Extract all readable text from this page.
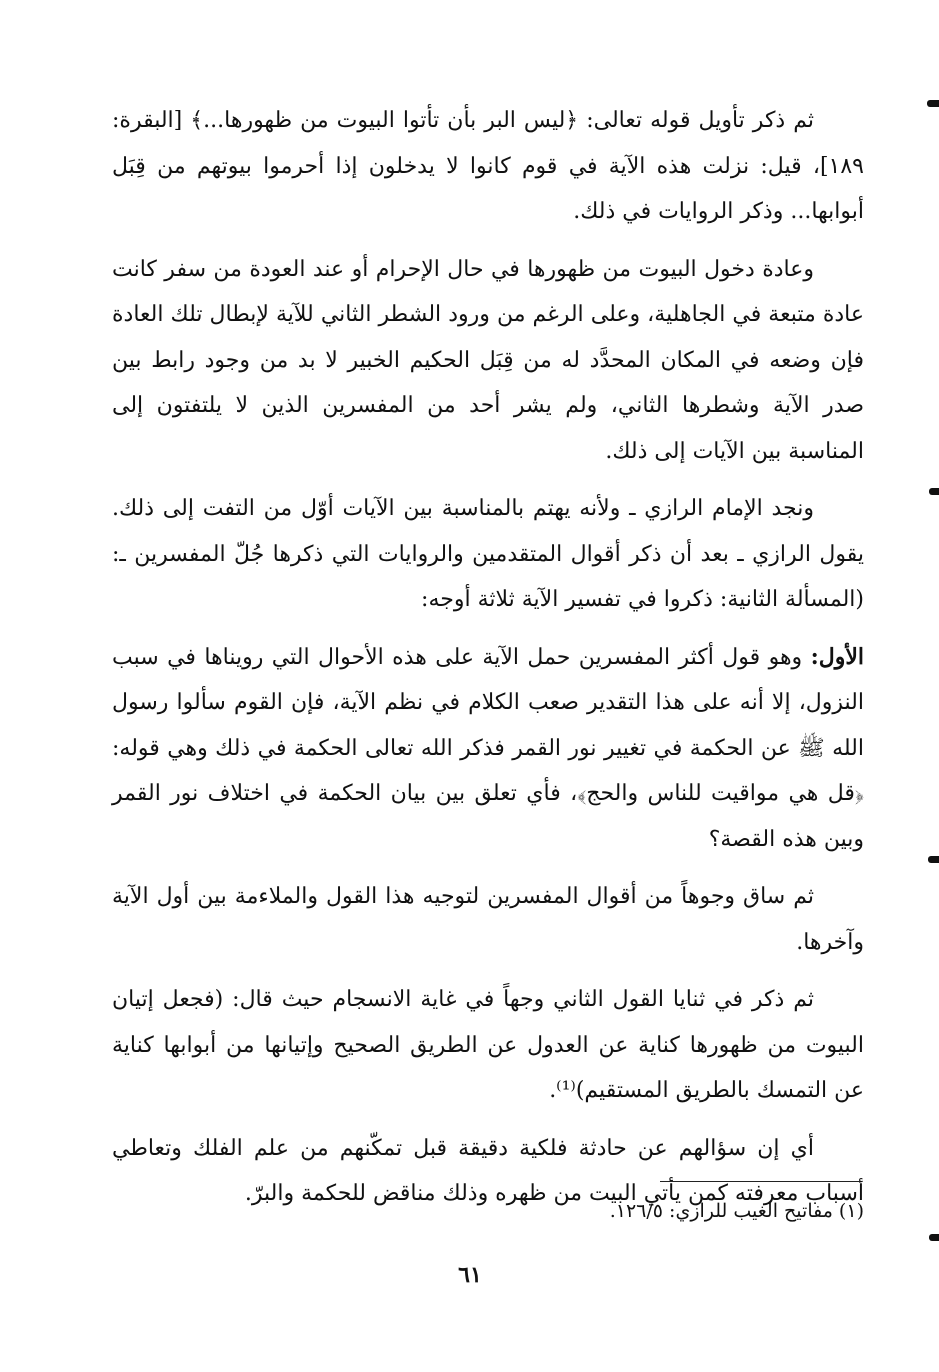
ثم ذكر تأويل قوله تعالى: ﴿ليس البر بأن تأتوا البيوت من ظهورها...﴾ [البقرة: ١٨٩]، قيل: نزلت هذه الآية في قوم كانوا لا يدخلون إذا أحرموا بيوتهم من قِبَل أبوابها... وذكر الروايات في ذلك.

وعادة دخول البيوت من ظهورها في حال الإحرام أو عند العودة من سفر كانت عادة متبعة في الجاهلية، وعلى الرغم من ورود الشطر الثاني للآية لإبطال تلك العادة فإن وضعه في المكان المحدَّد له من قِبَل الحكيم الخبير لا بد من وجود رابط بين صدر الآية وشطرها الثاني، ولم يشر أحد من المفسرين الذين لا يلتفتون إلى المناسبة بين الآيات إلى ذلك.

ونجد الإمام الرازي ـ ولأنه يهتم بالمناسبة بين الآيات أوّل من التفت إلى ذلك. يقول الرازي ـ بعد أن ذكر أقوال المتقدمين والروايات التي ذكرها جُلّ المفسرين ـ: (المسألة الثانية: ذكروا في تفسير الآية ثلاثة أوجه:

الأول: وهو قول أكثر المفسرين حمل الآية على هذه الأحوال التي رويناها في سبب النزول، إلا أنه على هذا التقدير صعب الكلام في نظم الآية، فإن القوم سألوا رسول الله ﷺ عن الحكمة في تغيير نور القمر فذكر الله تعالى الحكمة في ذلك وهي قوله: ﴿قل هي مواقيت للناس والحج﴾، فأي تعلق بين بيان الحكمة في اختلاف نور القمر وبين هذه القصة؟

ثم ساق وجوهاً من أقوال المفسرين لتوجيه هذا القول والملاءمة بين أول الآية وآخرها.

ثم ذكر في ثنايا القول الثاني وجهاً في غاية الانسجام حيث قال: (فجعل إتيان البيوت من ظهورها كناية عن العدول عن الطريق الصحيح وإتيانها من أبوابها كناية عن التمسك بالطريق المستقيم)⁽¹⁾.

أي إن سؤالهم عن حادثة فلكية دقيقة قبل تمكّنهم من علم الفلك وتعاطي أسباب معرفته كمن يأتي البيت من ظهره وذلك مناقض للحكمة والبرّ.

(١) مفاتيح الغيب للرازي: ١٢٦/٥.
٦١
